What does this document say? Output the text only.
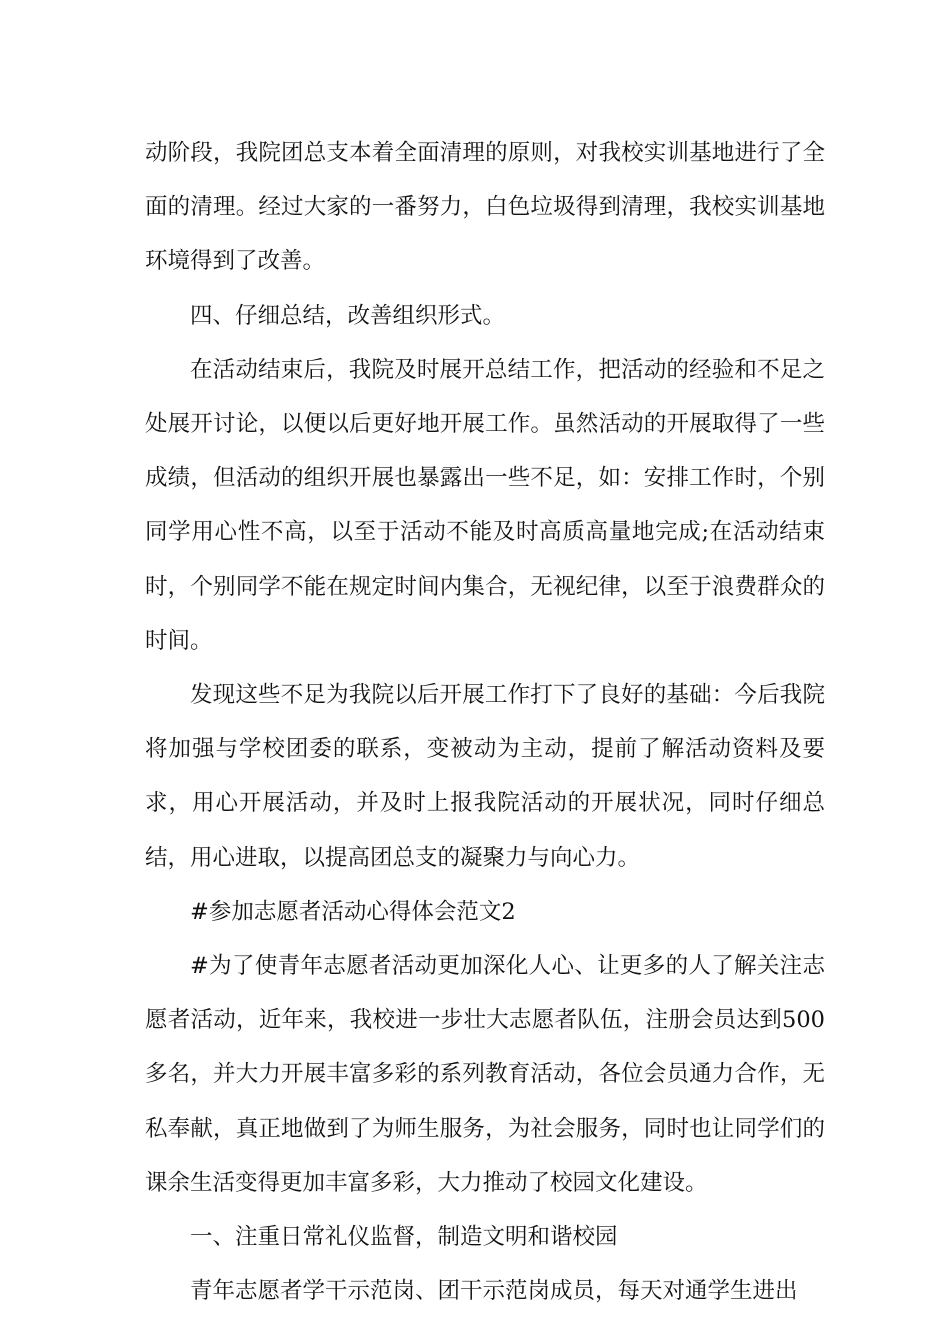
动阶段，我院团总支本着全面清理的原则，对我校实训基地进行了全面的清理。经过大家的一番努力，白色垃圾得到清理，我校实训基地环境得到了改善。

四、仔细总结，改善组织形式。

在活动结束后，我院及时展开总结工作，把活动的经验和不足之处展开讨论，以便以后更好地开展工作。虽然活动的开展取得了一些成绩，但活动的组织开展也暴露出一些不足，如：安排工作时，个别同学用心性不高，以至于活动不能及时高质高量地完成;在活动结束时，个别同学不能在规定时间内集合，无视纪律，以至于浪费群众的时间。

发现这些不足为我院以后开展工作打下了良好的基础：今后我院将加强与学校团委的联系，变被动为主动，提前了解活动资料及要求，用心开展活动，并及时上报我院活动的开展状况，同时仔细总结，用心进取，以提高团总支的凝聚力与向心力。

#参加志愿者活动心得体会范文2

#为了使青年志愿者活动更加深化人心、让更多的人了解关注志愿者活动，近年来，我校进一步壮大志愿者队伍，注册会员达到500多名，并大力开展丰富多彩的系列教育活动，各位会员通力合作，无私奉献，真正地做到了为师生服务，为社会服务，同时也让同学们的课余生活变得更加丰富多彩，大力推动了校园文化建设。

一、注重日常礼仪监督，制造文明和谐校园

青年志愿者学干示范岗、团干示范岗成员，每天对通学生进出
